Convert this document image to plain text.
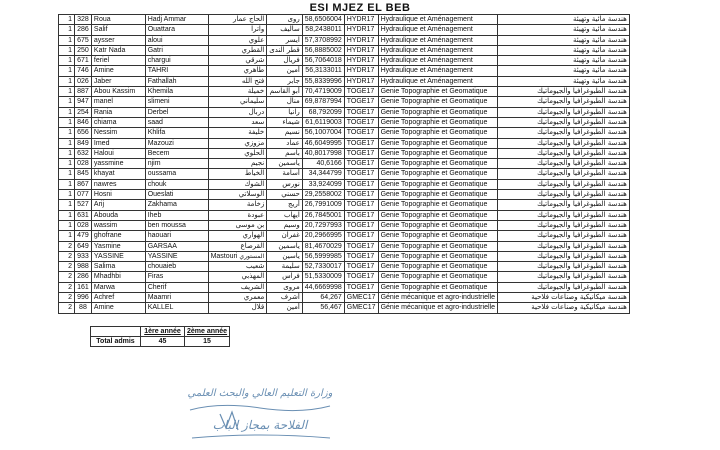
ESI MJEZ EL BEB
1	328	Roua	Hadj Ammar	الحاج عمار	روى	58,6506004	HYDR17	Hydraulique et Aménagement	هندسة مائية وتهيئة
1	286	Salif	Ouattara	واترا	ساليف	58,2438011	HYDR17	Hydraulique et Aménagement	هندسة مائية وتهيئة
1	675	aysser	aloui	علوي	ايسر	57,3708992	HYDR17	Hydraulique et Aménagement	هندسة مائية وتهيئة
1	250	Katr Nada	Gatri	القطري	قطر الندى	56,8885002	HYDR17	Hydraulique et Aménagement	هندسة مائية وتهيئة
1	671	feriel	chargui	شرقي	فريال	56,7064018	HYDR17	Hydraulique et Aménagement	هندسة مائية وتهيئة
1	746	Amine	TAHRI	طاهري	أمين	56,3133011	HYDR17	Hydraulique et Aménagement	هندسة مائية وتهيئة
1	026	Jaber	Fathallah	فتح الله	جابر	55,8339996	HYDR17	Hydraulique et Aménagement	هندسة مائية وتهيئة
1	887	Abou Kassim	Khemila	خميلة	أبو القاسم	70,4719009	TOGE17	Genie Topographie et Geomatique	هندسة الطبوغرافيا والجيوماتيك
1	947	manel	slimeni	سليماني	منال	69,8787994	TOGE17	Genie Topographie et Geomatique	هندسة الطبوغرافيا والجيوماتيك
1	254	Rania	Derbel	دربال	رانيا	68,792099	TOGE17	Genie Topographie et Geomatique	هندسة الطبوغرافيا والجيوماتيك
1	846	chiama	saad	سعد	شيماء	61,6119003	TOGE17	Genie Topographie et Geomatique	هندسة الطبوغرافيا والجيوماتيك
1	656	Nessim	Khlifa	خليفة	نسيم	56,1007004	TOGE17	Genie Topographie et Geomatique	هندسة الطبوغرافيا والجيوماتيك
1	849	Imed	Mazouzi	مزوزي	عماد	46,6049995	TOGE17	Genie Topographie et Geomatique	هندسة الطبوغرافيا والجيوماتيك
1	632	Haloui	Becem	الحلوي	باسم	40,8017998	TOGE17	Genie Topographie et Geomatique	هندسة الطبوغرافيا والجيوماتيك
1	028	yassmine	njim	نجيم	ياسمين	40,6166	TOGE17	Genie Topographie et Geomatique	هندسة الطبوغرافيا والجيوماتيك
1	845	khayat	oussama	الخياط	أسامة	34,344799	TOGE17	Genie Topographie et Geomatique	هندسة الطبوغرافيا والجيوماتيك
1	867	nawres	chouk	الشوك	نورس	33,924099	TOGE17	Genie Topographie et Geomatique	هندسة الطبوغرافيا والجيوماتيك
1	077	Hosni	Oueslati	الوسلاتي	حسني	29,2558002	TOGE17	Genie Topographie et Geomatique	هندسة الطبوغرافيا والجيوماتيك
1	527	Arij	Zakhama	زخامة	أريج	26,7991009	TOGE17	Genie Topographie et Geomatique	هندسة الطبوغرافيا والجيوماتيك
1	631	Abouda	Iheb	عبودة	ايهاب	26,7845001	TOGE17	Genie Topographie et Geomatique	هندسة الطبوغرافيا والجيوماتيك
1	028	wassim	ben moussa	بن موسى	وسيم	20,7297993	TOGE17	Genie Topographie et Geomatique	هندسة الطبوغرافيا والجيوماتيك
1	479	ghofrane	haouari	الهواري	غفران	20,2966995	TOGE17	Genie Topographie et Geomatique	هندسة الطبوغرافيا والجيوماتيك
2	649	Yasmine	GARSAA	القرصاع	ياسمين	81,4670029	TOGE17	Genie Topographie et Geomatique	هندسة الطبوغرافيا والجيوماتيك
2	933	YASSINE	YASSINE	Mastouri المستوري	ياسين	56,5999985	TOGE17	Genie Topographie et Geomatique	هندسة الطبوغرافيا والجيوماتيك
2	988	Salima	chouaieb	شعيب	سليمة	52,7330017	TOGE17	Genie Topographie et Geomatique	هندسة الطبوغرافيا والجيوماتيك
2	286	Mhadhbi	Firas	المهذبي	فراس	51,5330009	TOGE17	Genie Topographie et Geomatique	هندسة الطبوغرافيا والجيوماتيك
2	161	Marwa	Cherif	الشريف	مروى	44,6669998	TOGE17	Genie Topographie et Geomatique	هندسة الطبوغرافيا والجيوماتيك
2	996	Achref	Maamri	معمري	أشرف	64,267	GMEC17	Génie mécanique et agro-industrielle	هندسة ميكانيكية وصناعات فلاحية
2	88	Amine	KALLEL	قلال	أمين	56,467	GMEC17	Génie mécanique et agro-industrielle	هندسة ميكانيكية وصناعات فلاحية
	1ère année	2ème année
Total admis	45	15
وزارة التعليم العالي والبحث العلمي
الفلاحة بمجاز الباب
